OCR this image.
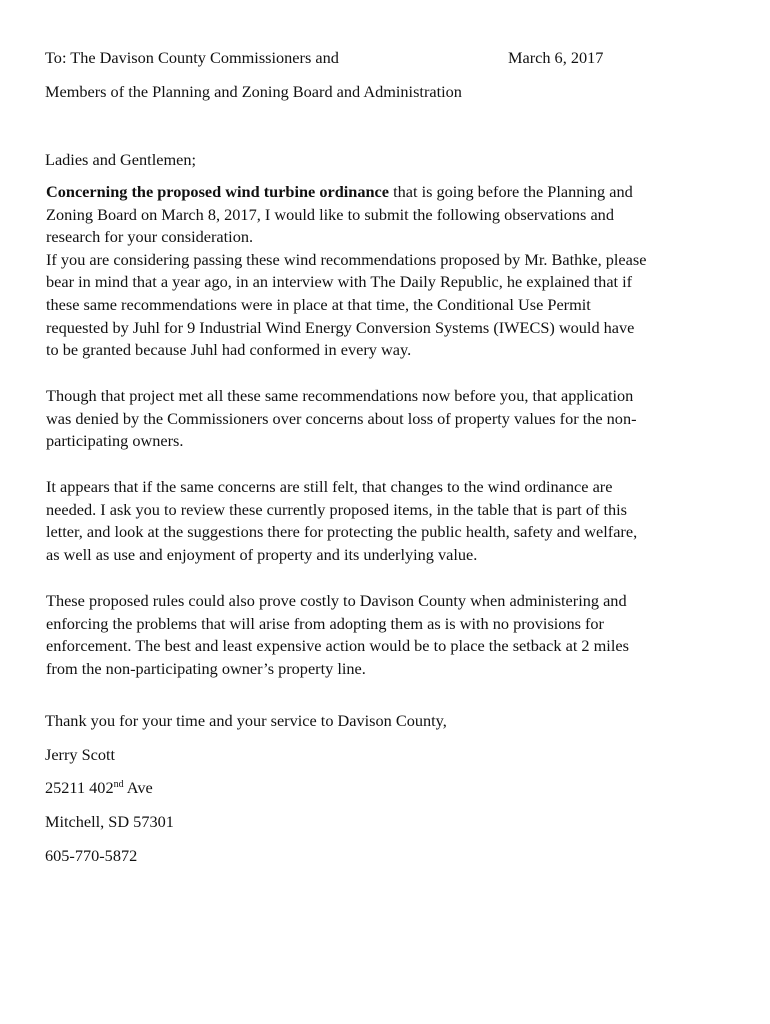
To: The Davison County Commissioners and	March 6, 2017
Members of the Planning and Zoning Board and Administration
Ladies and Gentlemen;
Concerning the proposed wind turbine ordinance that is going before the Planning and
Zoning Board on March 8, 2017, I would like to submit the following observations and
research for your consideration.
If you are considering passing these wind recommendations proposed by Mr. Bathke, please
bear in mind that a year ago, in an interview with The Daily Republic, he explained that if
these same recommendations were in place at that time, the Conditional Use Permit
requested by Juhl for 9 Industrial Wind Energy Conversion Systems (IWECS) would have
to be granted because Juhl had conformed in every way.
Though that project met all these same recommendations now before you, that application
was denied by the Commissioners over concerns about loss of property values for the non-
participating owners.
It appears that if the same concerns are still felt, that changes to the wind ordinance are
needed. I ask you to review these currently proposed items, in the table that is part of this
letter, and look at the suggestions there for protecting the public health, safety and welfare,
as well as use and enjoyment of property and its underlying value.
These proposed rules could also prove costly to Davison County when administering and
enforcing the problems that will arise from adopting them as is with no provisions for
enforcement. The best and least expensive action would be to place the setback at 2 miles
from the non-participating owner’s property line.
Thank you for your time and your service to Davison County,
Jerry Scott
25211 402nd Ave
Mitchell, SD 57301
605-770-5872
